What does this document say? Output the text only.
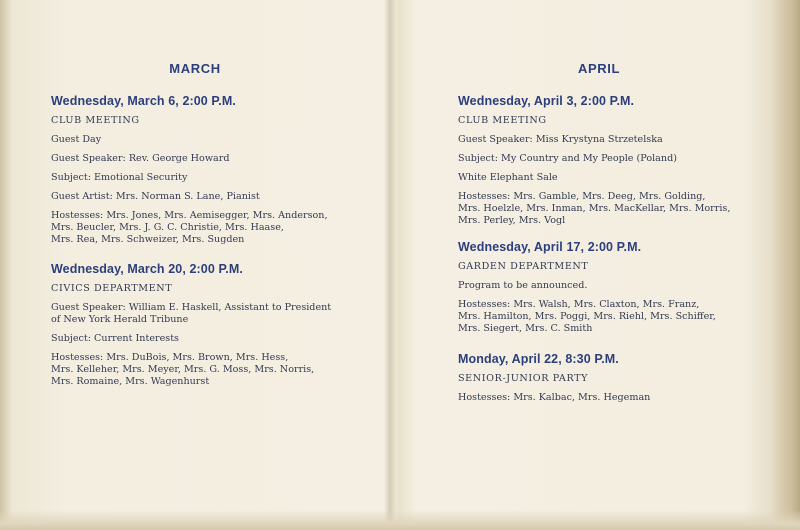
MARCH
Wednesday, March 6, 2:00 P.M.
CLUB MEETING
Guest Day
Guest Speaker: Rev. George Howard
Subject: Emotional Security
Guest Artist: Mrs. Norman S. Lane, Pianist
Hostesses: Mrs. Jones, Mrs. Aemisegger, Mrs. Anderson,
Mrs. Beucler, Mrs. J. G. C. Christie, Mrs. Haase,
Mrs. Rea, Mrs. Schweizer, Mrs. Sugden
Wednesday, March 20, 2:00 P.M.
CIVICS DEPARTMENT
Guest Speaker: William E. Haskell, Assistant to President
of New York Herald Tribune
Subject: Current Interests
Hostesses: Mrs. DuBois, Mrs. Brown, Mrs. Hess,
Mrs. Kelleher, Mrs. Meyer, Mrs. G. Moss, Mrs. Norris,
Mrs. Romaine, Mrs. Wagenhurst
APRIL
Wednesday, April 3, 2:00 P.M.
CLUB MEETING
Guest Speaker: Miss Krystyna Strzetelska
Subject: My Country and My People (Poland)
White Elephant Sale
Hostesses: Mrs. Gamble, Mrs. Deeg, Mrs. Golding,
Mrs. Hoelzle, Mrs. Inman, Mrs. MacKellar, Mrs. Morris,
Mrs. Perley, Mrs. Vogl
Wednesday, April 17, 2:00 P.M.
GARDEN DEPARTMENT
Program to be announced.
Hostesses: Mrs. Walsh, Mrs. Claxton, Mrs. Franz,
Mrs. Hamilton, Mrs. Poggi, Mrs. Riehl, Mrs. Schiffer,
Mrs. Siegert, Mrs. C. Smith
Monday, April 22, 8:30 P.M.
SENIOR-JUNIOR PARTY
Hostesses: Mrs. Kalbac, Mrs. Hegeman
